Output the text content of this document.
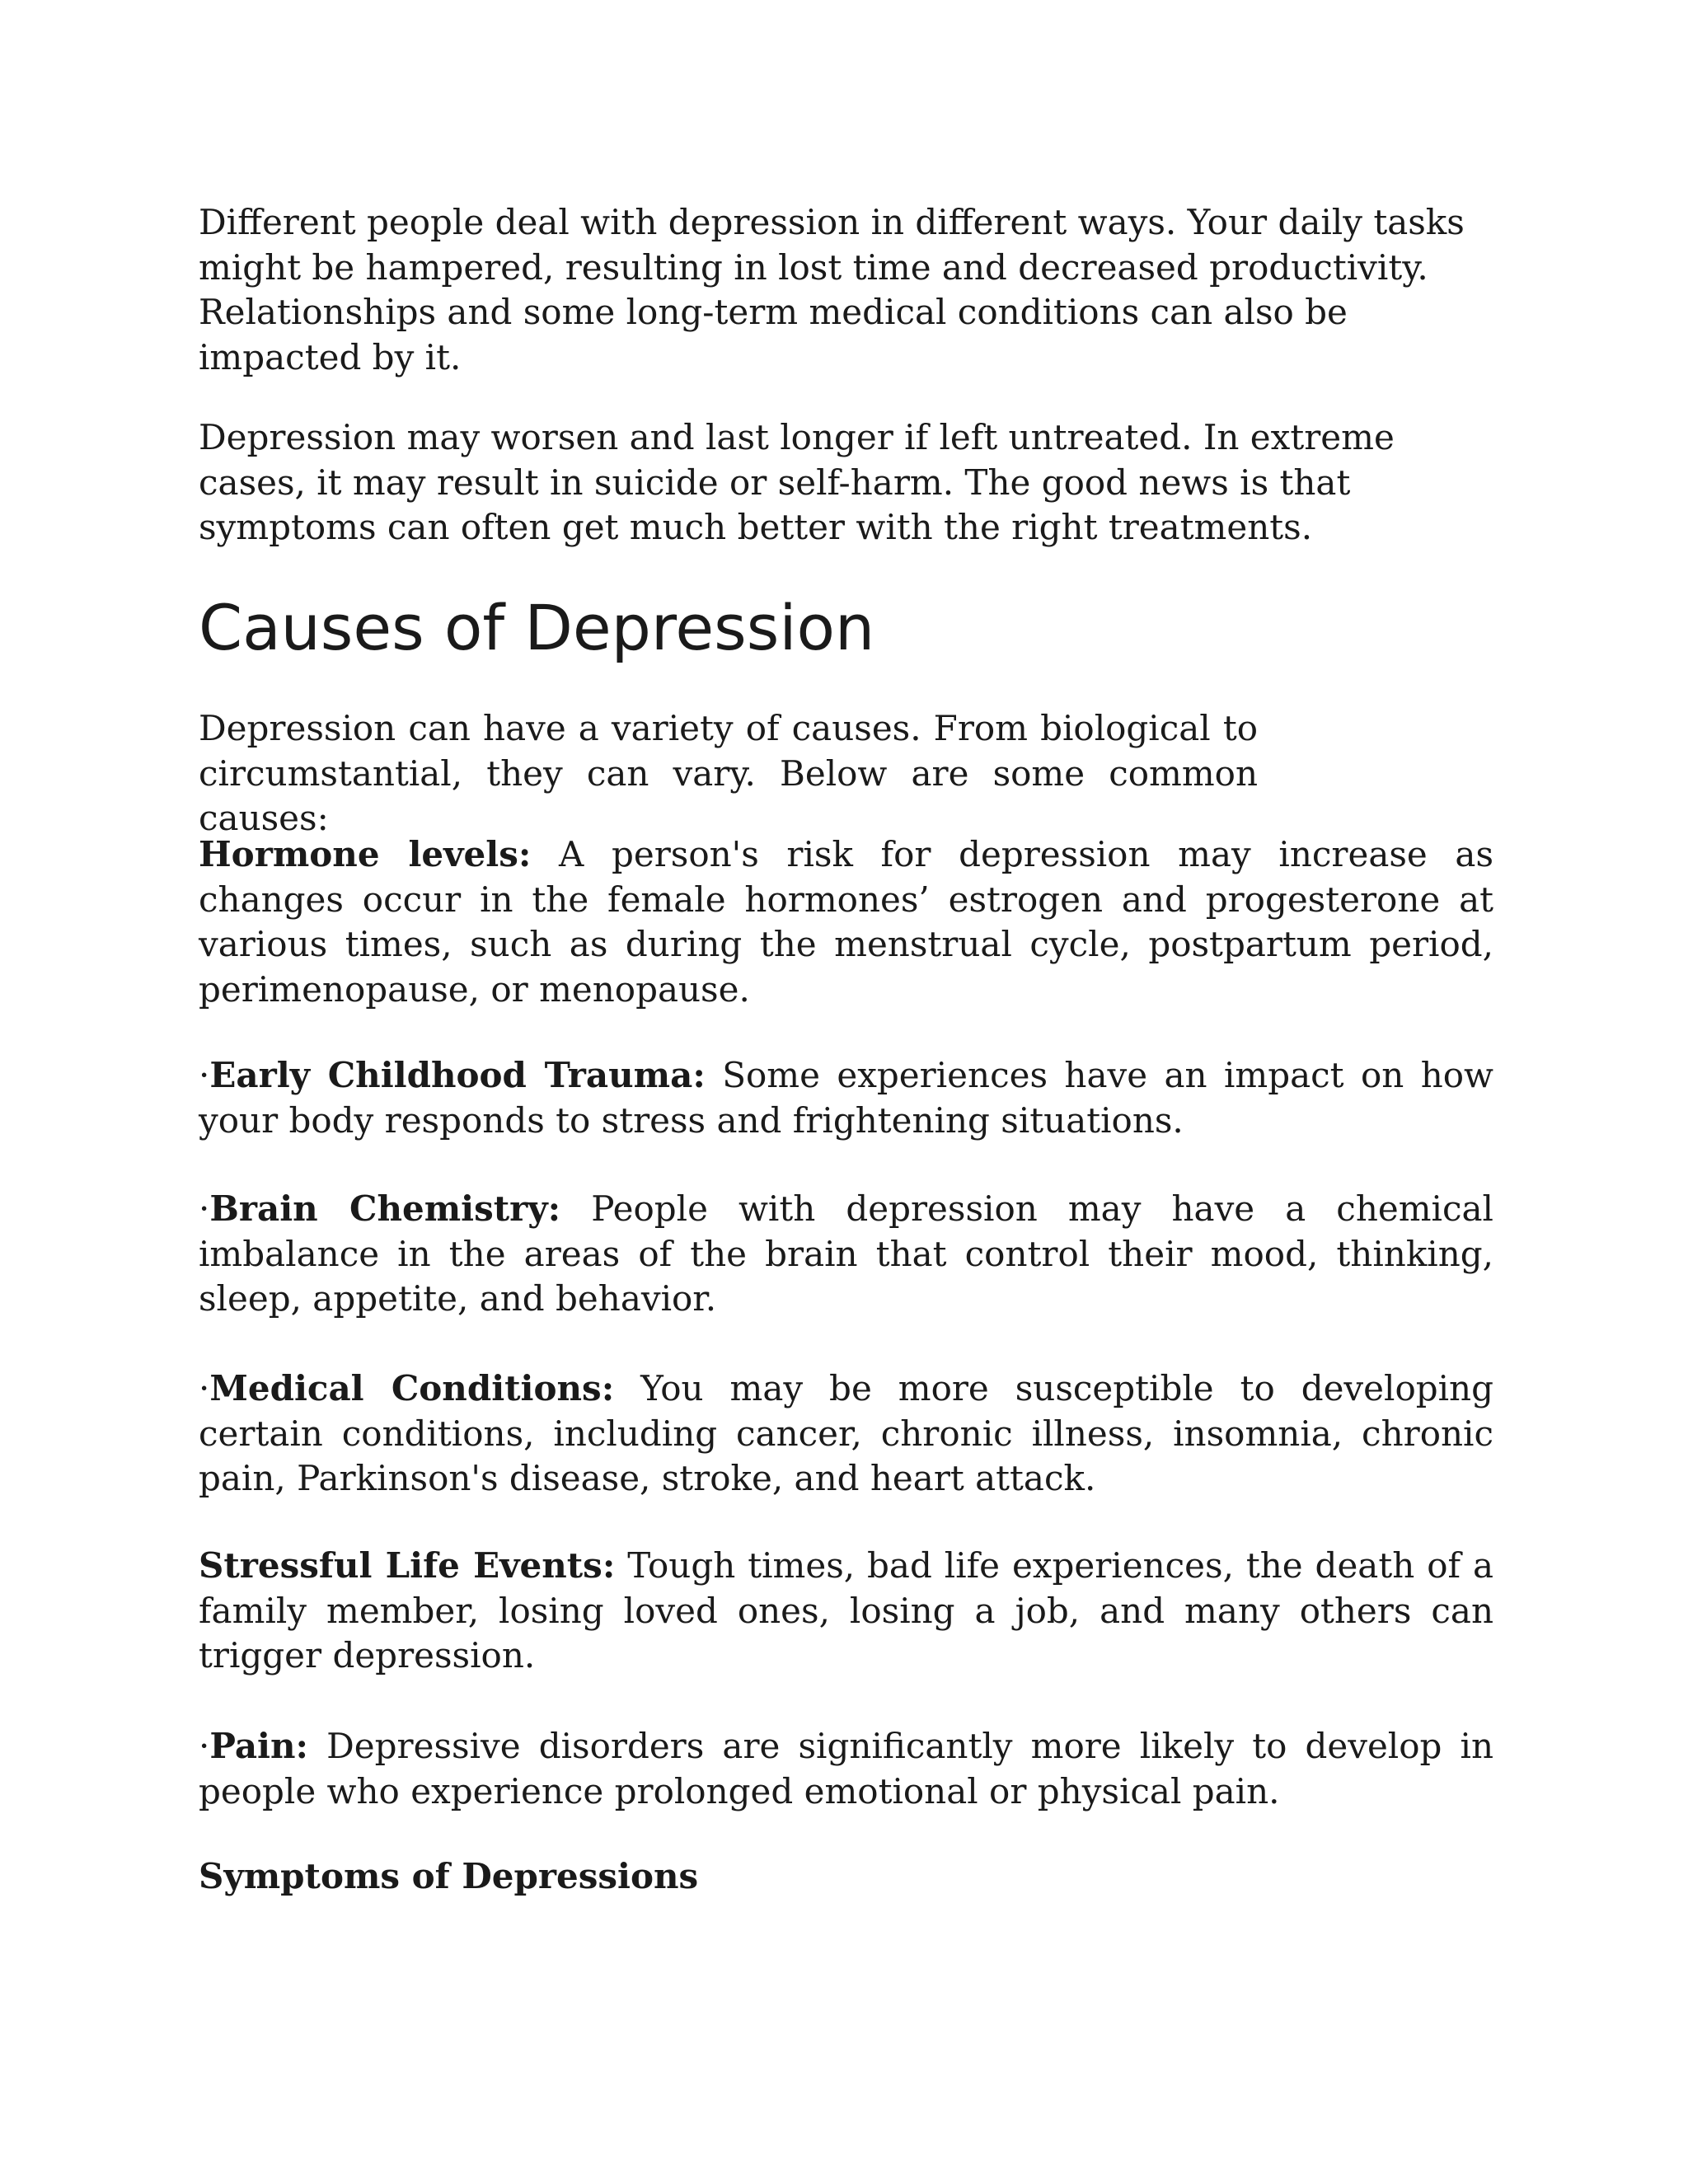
Different people deal with depression in different ways. Your daily tasks might be hampered, resulting in lost time and decreased productivity. Relationships and some long-term medical conditions can also be impacted by it.

Depression may worsen and last longer if left untreated. In extreme cases, it may result in suicide or self-harm. The good news is that symptoms can often get much better with the right treatments.

Causes of Depression

Depression can have a variety of causes. From biological to circumstantial, they can vary. Below are some common causes:

Hormone levels: A person's risk for depression may increase as changes occur in the female hormones’ estrogen and progesterone at various times, such as during the menstrual cycle, postpartum period, perimenopause, or menopause.

·Early Childhood Trauma: Some experiences have an impact on how your body responds to stress and frightening situations.

·Brain Chemistry: People with depression may have a chemical imbalance in the areas of the brain that control their mood, thinking, sleep, appetite, and behavior.

·Medical Conditions: You may be more susceptible to developing certain conditions, including cancer, chronic illness, insomnia, chronic pain, Parkinson's disease, stroke, and heart attack.

Stressful Life Events: Tough times, bad life experiences, the death of a family member, losing loved ones, losing a job, and many others can trigger depression.

·Pain: Depressive disorders are significantly more likely to develop in people who experience prolonged emotional or physical pain.

Symptoms of Depressions
